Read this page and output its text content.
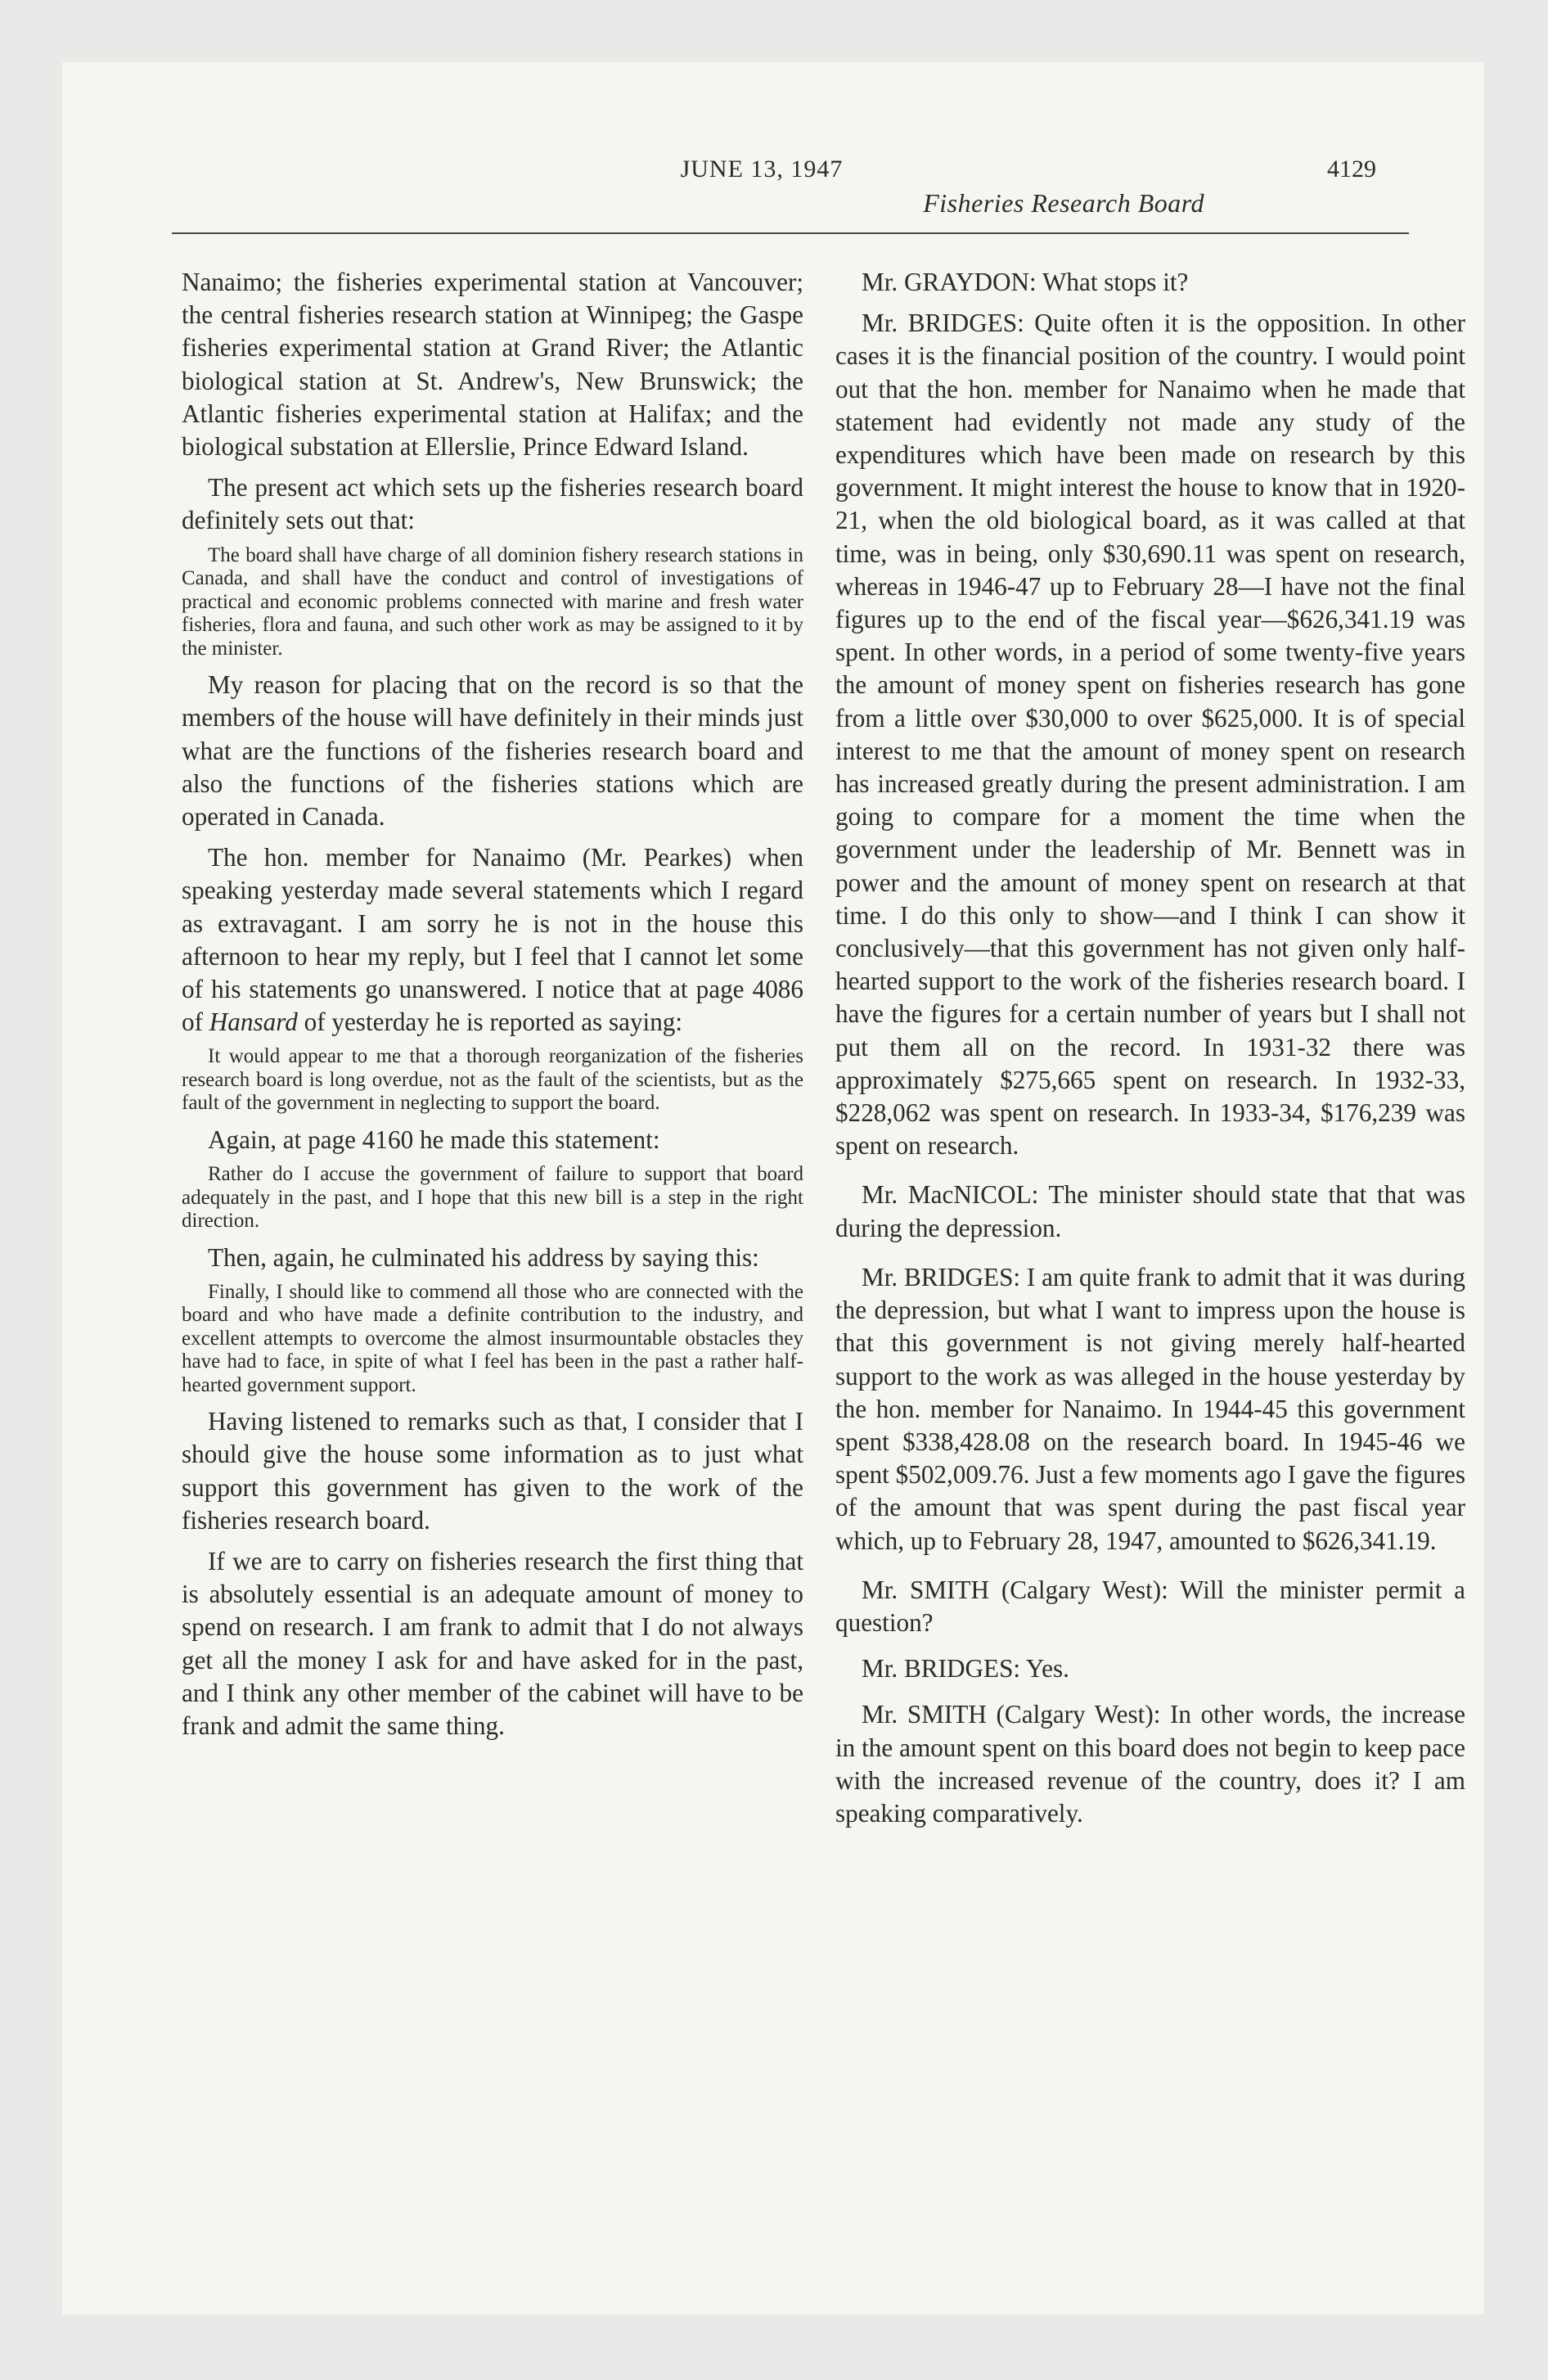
JUNE 13, 1947
Fisheries Research Board
4129

Nanaimo; the fisheries experimental station at Vancouver; the central fisheries research station at Winnipeg; the Gaspe fisheries experimental station at Grand River; the Atlantic biological station at St. Andrew's, New Brunswick; the Atlantic fisheries experimental station at Halifax; and the biological substation at Ellerslie, Prince Edward Island.

The present act which sets up the fisheries research board definitely sets out that:

The board shall have charge of all dominion fishery research stations in Canada, and shall have the conduct and control of investigations of practical and economic problems connected with marine and fresh water fisheries, flora and fauna, and such other work as may be assigned to it by the minister.

My reason for placing that on the record is so that the members of the house will have definitely in their minds just what are the functions of the fisheries research board and also the functions of the fisheries stations which are operated in Canada.

The hon. member for Nanaimo (Mr. Pearkes) when speaking yesterday made several statements which I regard as extravagant. I am sorry he is not in the house this afternoon to hear my reply, but I feel that I cannot let some of his statements go unanswered. I notice that at page 4086 of Hansard of yesterday he is reported as saying:

It would appear to me that a thorough reorganization of the fisheries research board is long overdue, not as the fault of the scientists, but as the fault of the government in neglecting to support the board.

Again, at page 4160 he made this statement:

Rather do I accuse the government of failure to support that board adequately in the past, and I hope that this new bill is a step in the right direction.

Then, again, he culminated his address by saying this:

Finally, I should like to commend all those who are connected with the board and who have made a definite contribution to the industry, and excellent attempts to overcome the almost insurmountable obstacles they have had to face, in spite of what I feel has been in the past a rather half-hearted government support.

Having listened to remarks such as that, I consider that I should give the house some information as to just what support this government has given to the work of the fisheries research board.

If we are to carry on fisheries research the first thing that is absolutely essential is an adequate amount of money to spend on research. I am frank to admit that I do not always get all the money I ask for and have asked for in the past, and I think any other member of the cabinet will have to be frank and admit the same thing.

Mr. GRAYDON: What stops it?

Mr. BRIDGES: Quite often it is the opposition. In other cases it is the financial position of the country. I would point out that the hon. member for Nanaimo when he made that statement had evidently not made any study of the expenditures which have been made on research by this government. It might interest the house to know that in 1920-21, when the old biological board, as it was called at that time, was in being, only $30,690.11 was spent on research, whereas in 1946-47 up to February 28—I have not the final figures up to the end of the fiscal year—$626,341.19 was spent. In other words, in a period of some twenty-five years the amount of money spent on fisheries research has gone from a little over $30,000 to over $625,000. It is of special interest to me that the amount of money spent on research has increased greatly during the present administration. I am going to compare for a moment the time when the government under the leadership of Mr. Bennett was in power and the amount of money spent on research at that time. I do this only to show—and I think I can show it conclusively—that this government has not given only half-hearted support to the work of the fisheries research board. I have the figures for a certain number of years but I shall not put them all on the record. In 1931-32 there was approximately $275,665 spent on research. In 1932-33, $228,062 was spent on research. In 1933-34, $176,239 was spent on research.

Mr. MacNICOL: The minister should state that that was during the depression.

Mr. BRIDGES: I am quite frank to admit that it was during the depression, but what I want to impress upon the house is that this government is not giving merely half-hearted support to the work as was alleged in the house yesterday by the hon. member for Nanaimo. In 1944-45 this government spent $338,428.08 on the research board. In 1945-46 we spent $502,009.76. Just a few moments ago I gave the figures of the amount that was spent during the past fiscal year which, up to February 28, 1947, amounted to $626,341.19.

Mr. SMITH (Calgary West): Will the minister permit a question?

Mr. BRIDGES: Yes.

Mr. SMITH (Calgary West): In other words, the increase in the amount spent on this board does not begin to keep pace with the increased revenue of the country, does it? I am speaking comparatively.
